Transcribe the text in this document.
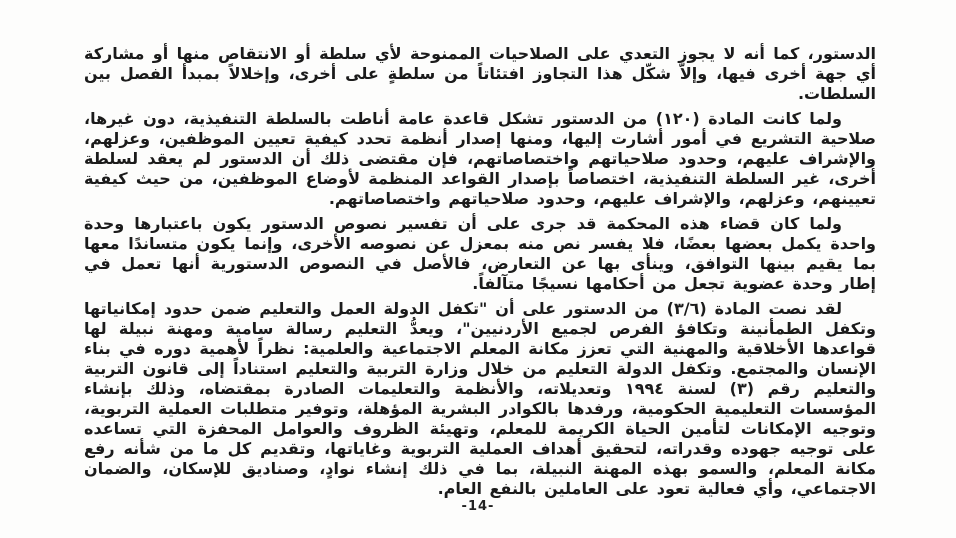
الدستور، كما أنه لا يجوز التعدي على الصلاحيات الممنوحة لأي سلطة أو الانتقاص منها أو مشاركة أي جهة أخرى فيها، وإلاّ شكّل هذا التجاوز افتئاتاً من سلطةٍ على أخرى، وإخلالاً بمبدأ الفصل بين السلطات.

ولما كانت المادة (١٢٠) من الدستور تشكل قاعدة عامة أناطت بالسلطة التنفيذية، دون غيرها، صلاحية التشريع في أمور أشارت إليها، ومنها إصدار أنظمة تحدد كيفية تعيين الموظفين، وعزلهم، والإشراف عليهم، وحدود صلاحياتهم واختصاصاتهم، فإن مقتضى ذلك أن الدستور لم يعقد لسلطة أخرى، غير السلطة التنفيذية، اختصاصاً بإصدار القواعد المنظمة لأوضاع الموظفين، من حيث كيفية تعيينهم، وعزلهم، والإشراف عليهم، وحدود صلاحياتهم واختصاصاتهم.

ولما كان قضاء هذه المحكمة قد جرى على أن تفسير نصوص الدستور يكون باعتبارها وحدة واحدة يكمل بعضها بعضًا، فلا يفسر نص منه بمعزل عن نصوصه الأخرى، وإنما يكون متساندًا معها بما يقيم بينها التوافق، وينأى بها عن التعارض، فالأصل في النصوص الدستورية أنها تعمل في إطار وحدة عضوية تجعل من أحكامها نسيجًا متآلفاً.

لقد نصت المادة (٣/٦) من الدستور على أن "تكفل الدولة العمل والتعليم ضمن حدود إمكانياتها وتكفل الطمأنينة وتكافؤ الفرص لجميع الأردنيين"، ويعدُّ التعليم رسالة سامية ومهنة نبيلة لها قواعدها الأخلاقية والمهنية التي تعزز مكانة المعلم الاجتماعية والعلمية: نظراً لأهمية دوره في بناء الإنسان والمجتمع. وتكفل الدولة التعليم من خلال وزارة التربية والتعليم استناداً إلى قانون التربية والتعليم رقم (٣) لسنة ١٩٩٤ وتعديلاته، والأنظمة والتعليمات الصادرة بمقتضاه، وذلك بإنشاء المؤسسات التعليمية الحكومية، ورفدها بالكوادر البشرية المؤهلة، وتوفير متطلبات العملية التربوية، وتوجيه الإمكانات لتأمين الحياة الكريمة للمعلم، وتهيئة الظروف والعوامل المحفزة التي تساعده على توجيه جهوده وقدراته، لتحقيق أهداف العملية التربوية وغاياتها، وتقديم كل ما من شأنه رفع مكانة المعلم، والسمو بهذه المهنة النبيلة، بما في ذلك إنشاء نوادٍ، وصناديق للإسكان، والضمان الاجتماعي، وأي فعالية تعود على العاملين بالنفع العام.

-14-
